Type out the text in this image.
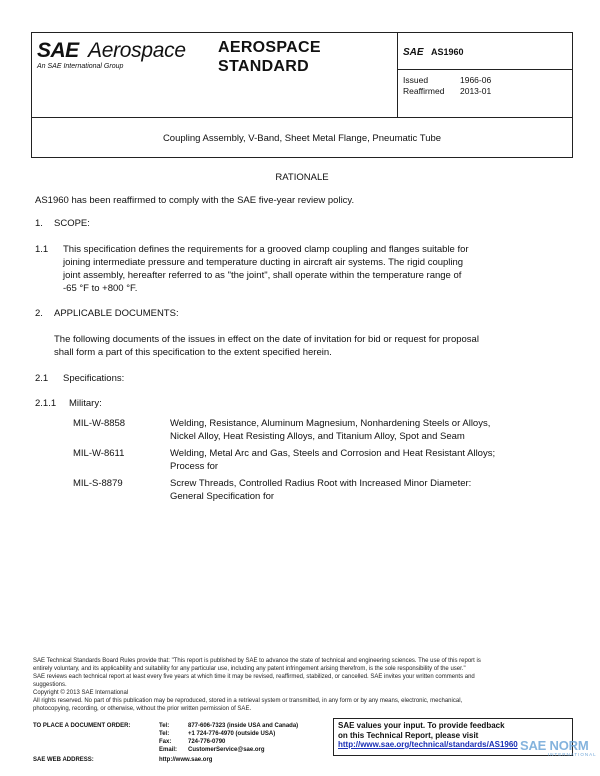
SAE Aerospace
An SAE International Group
AEROSPACE
STANDARD
SAE AS1960
Issued	1966-06
Reaffirmed 2013-01
Coupling Assembly, V-Band, Sheet Metal Flange, Pneumatic Tube
RATIONALE
AS1960 has been reaffirmed to comply with the SAE five-year review policy.
1. SCOPE:
1.1 This specification defines the requirements for a grooved clamp coupling and flanges suitable for
joining intermediate pressure and temperature ducting in aircraft air systems. The rigid coupling
joint assembly, hereafter referred to as "the joint", shall operate within the temperature range of
-65 °F to +800 °F.
2. APPLICABLE DOCUMENTS:
The following documents of the issues in effect on the date of invitation for bid or request for proposal
shall form a part of this specification to the extent specified herein.
2.1 Specifications:
2.1.1 Military:
MIL-W-8858	Welding, Resistance, Aluminum Magnesium, Nonhardening Steels or Alloys,
Nickel Alloy, Heat Resisting Alloys, and Titanium Alloy, Spot and Seam
MIL-W-8611	Welding, Metal Arc and Gas, Steels and Corrosion and Heat Resistant Alloys;
Process for
MIL-S-8879	Screw Threads, Controlled Radius Root with Increased Minor Diameter:
General Specification for
SAE Technical Standards Board Rules provide that: "This report is published by SAE to advance the state of technical and engineering sciences. The use of this report is
entirely voluntary, and its applicability and suitability for any particular use, including any patent infringement arising therefrom, is the sole responsibility of the user."
SAE reviews each technical report at least every five years at which time it may be revised, reaffirmed, stabilized, or cancelled. SAE invites your written comments and
suggestions.
Copyright © 2013 SAE International
All rights reserved. No part of this publication may be reproduced, stored in a retrieval system or transmitted, in any form or by any means, electronic, mechanical,
photocopying, recording, or otherwise, without the prior written permission of SAE.
TO PLACE A DOCUMENT ORDER:	Tel:	877-606-7323 (inside USA and Canada)
Tel:	+1 724-776-4970 (outside USA)
Fax:	724-776-0790
Email: CustomerService@sae.org
SAE WEB ADDRESS:	http://www.sae.org
SAE values your input. To provide feedback
on this Technical Report, please visit
http://www.sae.org/technical/standards/AS1960 SAE NORM
INTERNATIONAL
